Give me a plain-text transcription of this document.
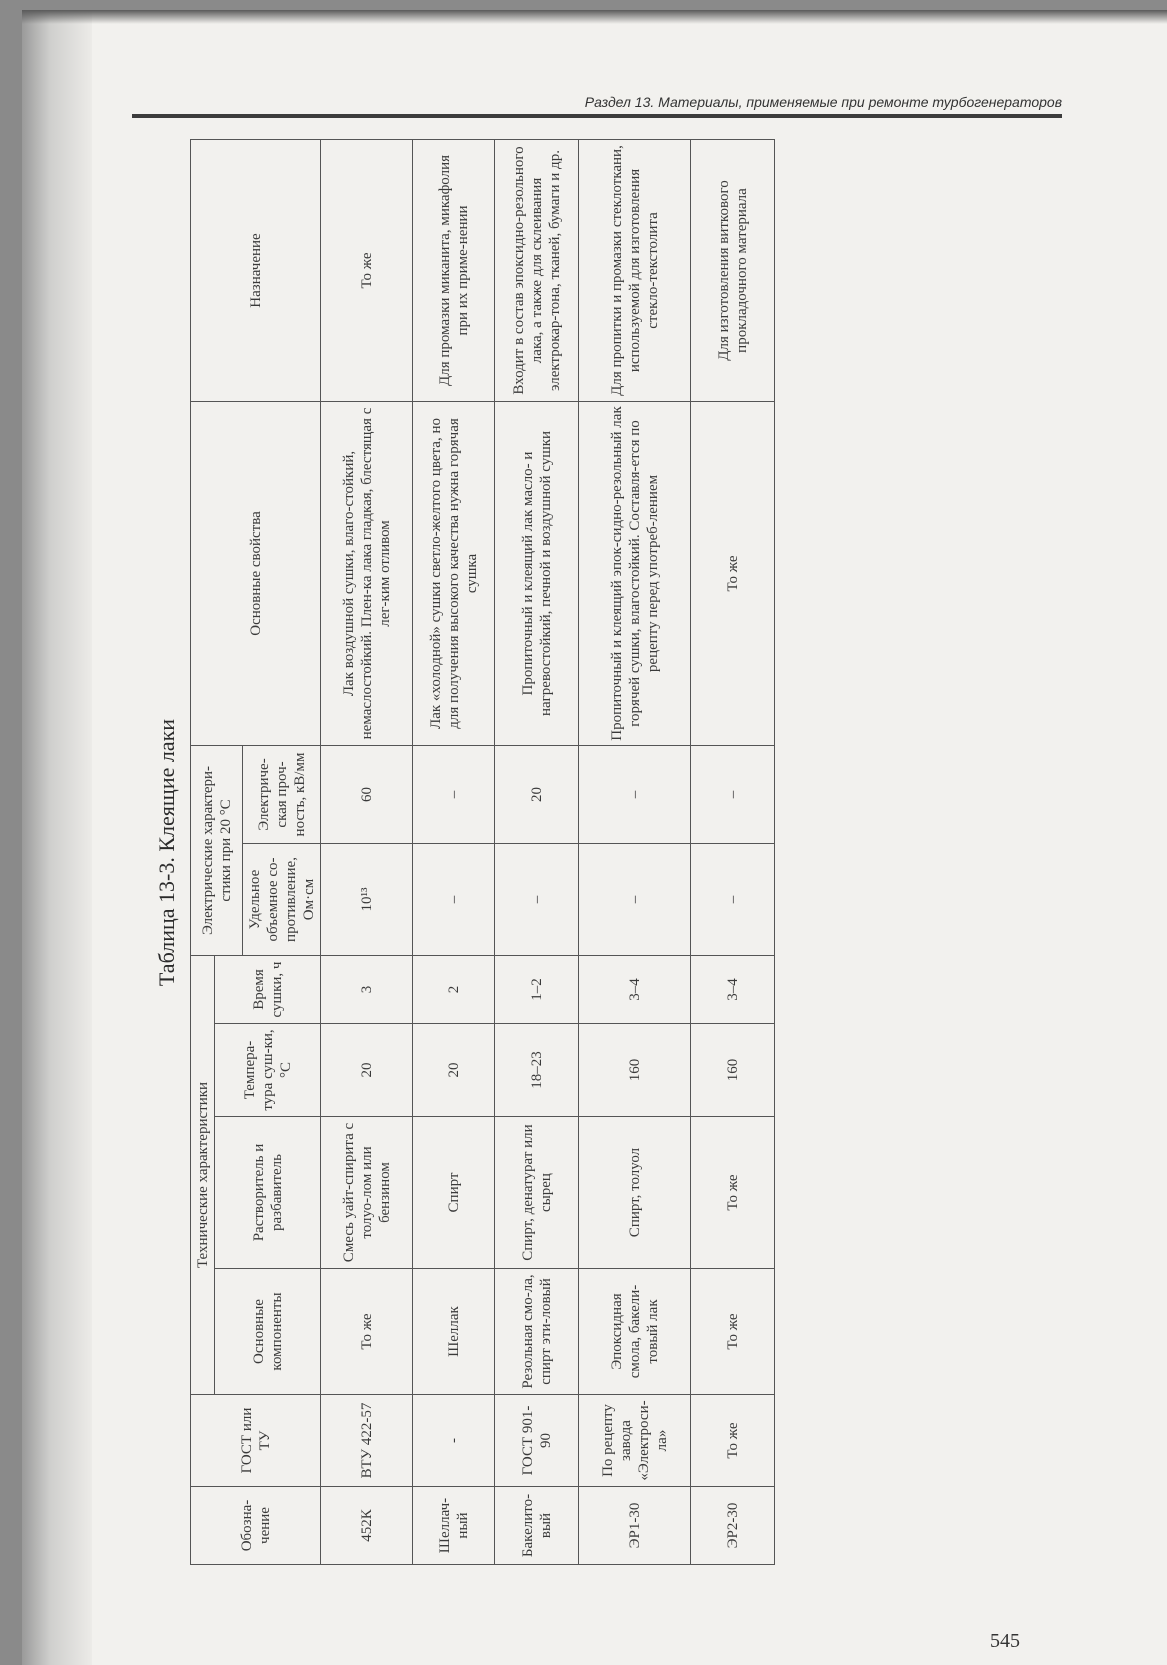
Раздел 13. Материалы, применяемые при ремонте турбогенераторов
545
Таблица 13-3. Клеящие лаки
Обозна-чение	ГОСТ или ТУ	Технические характеристики				Электрические характери-стики при 20 °С		Основные свойства	Назначение
		Основные компоненты	Растворитель и разбавитель	Темпера-тура суш-ки, °С	Время сушки, ч				
						Удельное объемное со-противление, Ом·см	Электриче-ская проч-ность, кВ/мм		
452К	ВТУ 422-57	То же	Смесь уайт-спирита с толуо-лом или бензином	20	3	10¹³	60	Лак воздушной сушки, влаго-стойкий, немаслостойкий. Плен-ка лака гладкая, блестящая с лег-ким отливом	То же
Шеллач-ный	-	Шеллак	Спирт	20	2	–	–	Лак «холодной» сушки светло-желтого цвета, но для получения высокого качества нужна горячая сушка	Для промазки миканита, микафолия при их приме-нении
Бакелито-вый	ГОСТ 901-90	Резольная смо-ла, спирт эти-ловый	Спирт, денатурат или сырец	18–23	1–2	–	20	Пропиточный и клеящий лак масло- и нагревостойкий, печной и воздушной сушки	Входит в состав эпоксидно-резольного лака, а также для склеивания электрокар-тона, тканей, бумаги и др.
ЭР1-30	По рецепту завода «Электроси-ла»	Эпоксидная смола, бакели-товый лак	Спирт, толуол	160	3–4	–	–	Пропиточный и клеящий эпок-сидно-резольный лак горячей сушки, влагостойкий. Составля-ется по рецепту перед употреб-лением	Для пропитки и промазки стеклоткани, используемой для изготовления стекло-текстолита
ЭР2-30	То же	То же	То же	160	3–4	–	–	То же	Для изготовления виткового прокладочного материала
